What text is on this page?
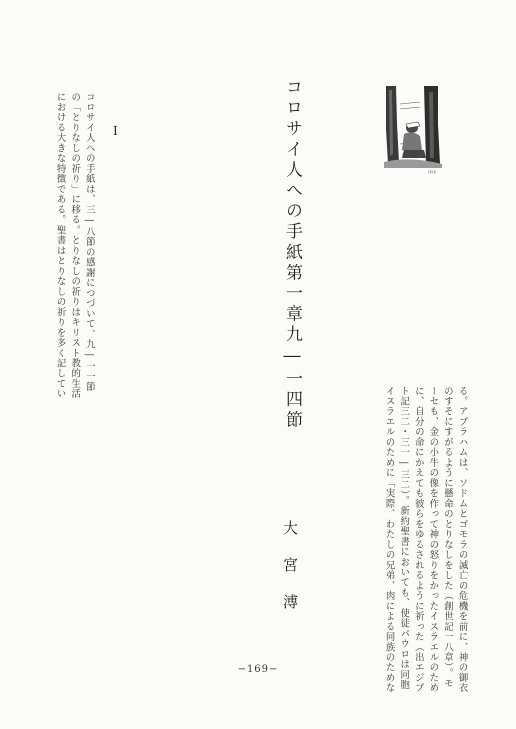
ほほ
コロサイ人への手紙第一章九―一四節
大宮溥
I
コロサイ人への手紙は、三―八節の感謝につづいて、九―一一節
の「とりなしの祈り」に移る。とりなしの祈りはキリスト教的生活
における大きな特徴である。聖書はとりなしの祈りを多く記してい
る。アブラハムは、ソドムとゴモラの滅亡の危機を前に、神の御衣
のすそにすがるように懸命のとりなしをした（創世記一八章）。モ
ーセも、金の小牛の像を作って神の怒りをかったイスラエルのため
に、自分の命にかえても彼らをゆるされるように祈った（出エジプ
ト記三二・三一―三二）。新約聖書においても、使徒パウロは同胞
イスラエルのために「実際、わたしの兄弟、肉による同族のためな
−169−
